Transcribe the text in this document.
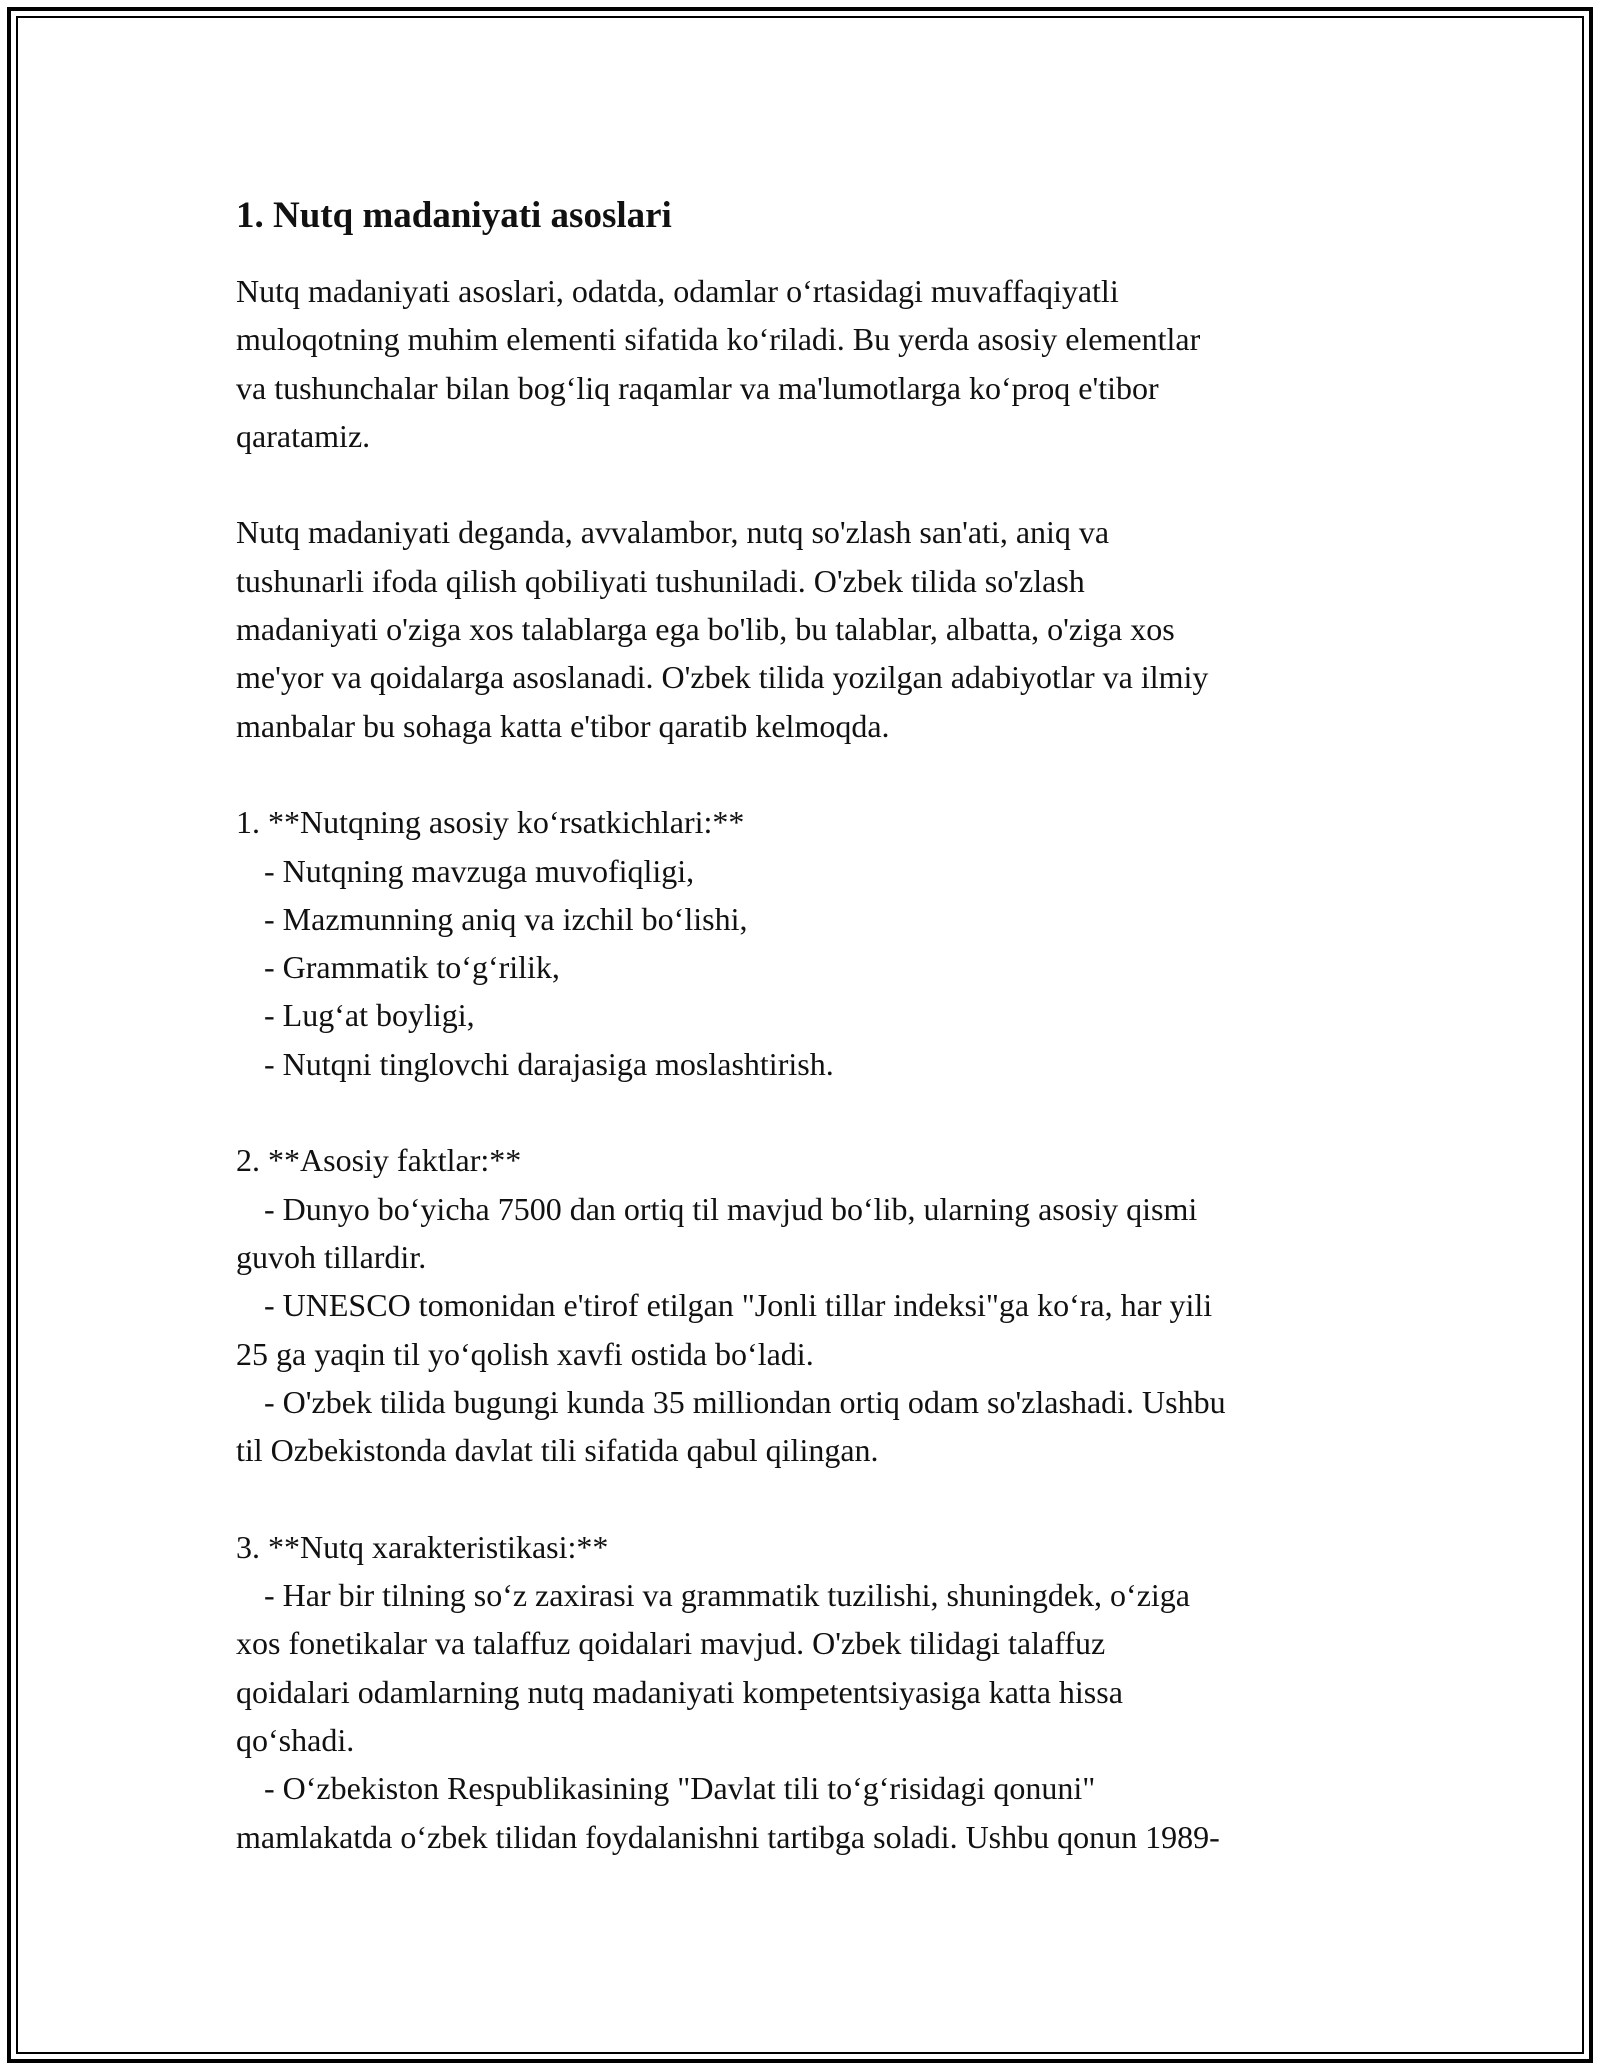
1. Nutq madaniyati asoslari
Nutq madaniyati asoslari, odatda, odamlar o‘rtasidagi muvaffaqiyatli
muloqotning muhim elementi sifatida ko‘riladi. Bu yerda asosiy elementlar
va tushunchalar bilan bog‘liq raqamlar va ma'lumotlarga ko‘proq e'tibor
qaratamiz.
Nutq madaniyati deganda, avvalambor, nutq so'zlash san'ati, aniq va
tushunarli ifoda qilish qobiliyati tushuniladi. O'zbek tilida so'zlash
madaniyati o'ziga xos talablarga ega bo'lib, bu talablar, albatta, o'ziga xos
me'yor va qoidalarga asoslanadi. O'zbek tilida yozilgan adabiyotlar va ilmiy
manbalar bu sohaga katta e'tibor qaratib kelmoqda.
1. **Nutqning asosiy ko‘rsatkichlari:**
- Nutqning mavzuga muvofiqligi,
- Mazmunning aniq va izchil bo‘lishi,
- Grammatik to‘g‘rilik,
- Lug‘at boyligi,
- Nutqni tinglovchi darajasiga moslashtirish.
2. **Asosiy faktlar:**
- Dunyo bo‘yicha 7500 dan ortiq til mavjud bo‘lib, ularning asosiy qismi
guvoh tillardir.
- UNESCO tomonidan e'tirof etilgan "Jonli tillar indeksi"ga ko‘ra, har yili
25 ga yaqin til yo‘qolish xavfi ostida bo‘ladi.
- O'zbek tilida bugungi kunda 35 milliondan ortiq odam so'zlashadi. Ushbu
til Ozbekistonda davlat tili sifatida qabul qilingan.
3. **Nutq xarakteristikasi:**
- Har bir tilning so‘z zaxirasi va grammatik tuzilishi, shuningdek, o‘ziga
xos fonetikalar va talaffuz qoidalari mavjud. O'zbek tilidagi talaffuz
qoidalari odamlarning nutq madaniyati kompetentsiyasiga katta hissa
qo‘shadi.
- O‘zbekiston Respublikasining "Davlat tili to‘g‘risidagi qonuni"
mamlakatda o‘zbek tilidan foydalanishni tartibga soladi. Ushbu qonun 1989-
